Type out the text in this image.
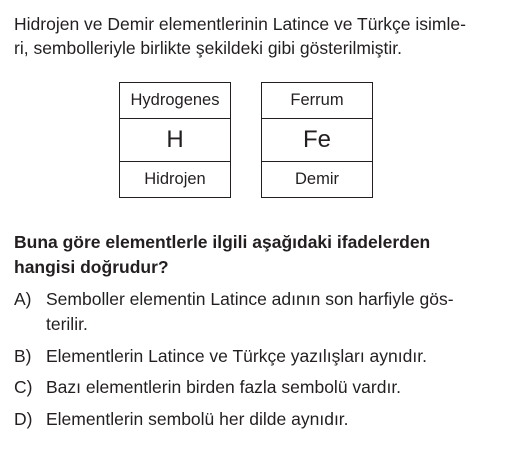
Hidrojen ve Demir elementlerinin Latince ve Türkçe isimle-
ri, sembolleriyle birlikte şekildeki gibi gösterilmiştir.

Hydrogenes
H
Hidrojen
Ferrum
Fe
Demir

Buna göre elementlerle ilgili aşağıdaki ifadelerden
hangisi doğrudur?

A) Semboller elementin Latince adının son harfiyle gös-
terilir.
B) Elementlerin Latince ve Türkçe yazılışları aynıdır.
C) Bazı elementlerin birden fazla sembolü vardır.
D) Elementlerin sembolü her dilde aynıdır.
